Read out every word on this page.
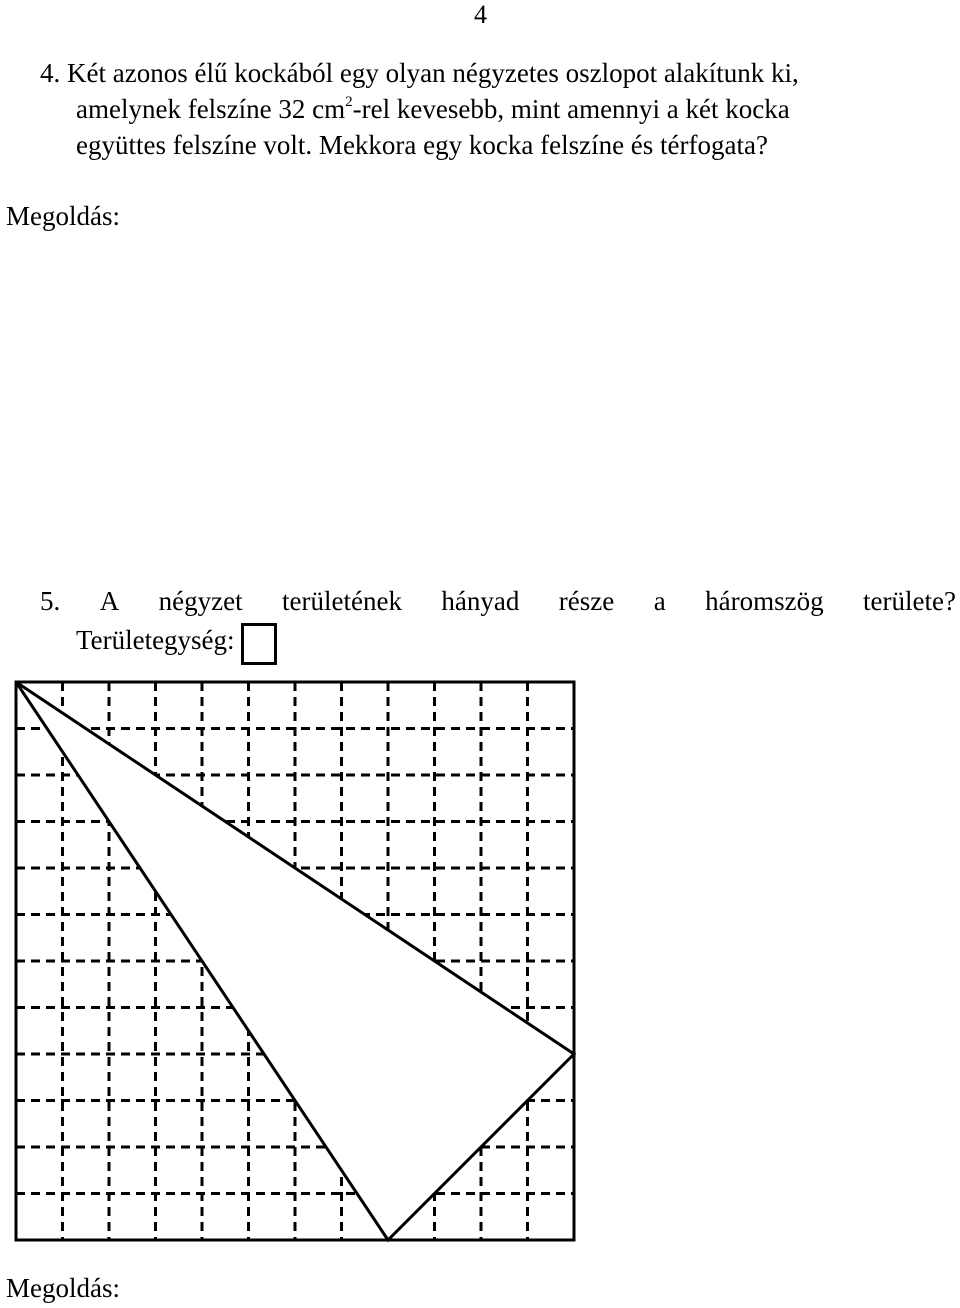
4
4. Két azonos élű kockából egy olyan négyzetes oszlopot alakítunk ki,
amelynek felszíne 32 $cm^2$-rel kevesebb, mint amennyi a két kocka
együttes felszíne volt. Mekkora egy kocka felszíne és térfogata?
Megoldás:
5. A négyzet területének hányad része a háromszög területe?
Területegység:
Megoldás:
